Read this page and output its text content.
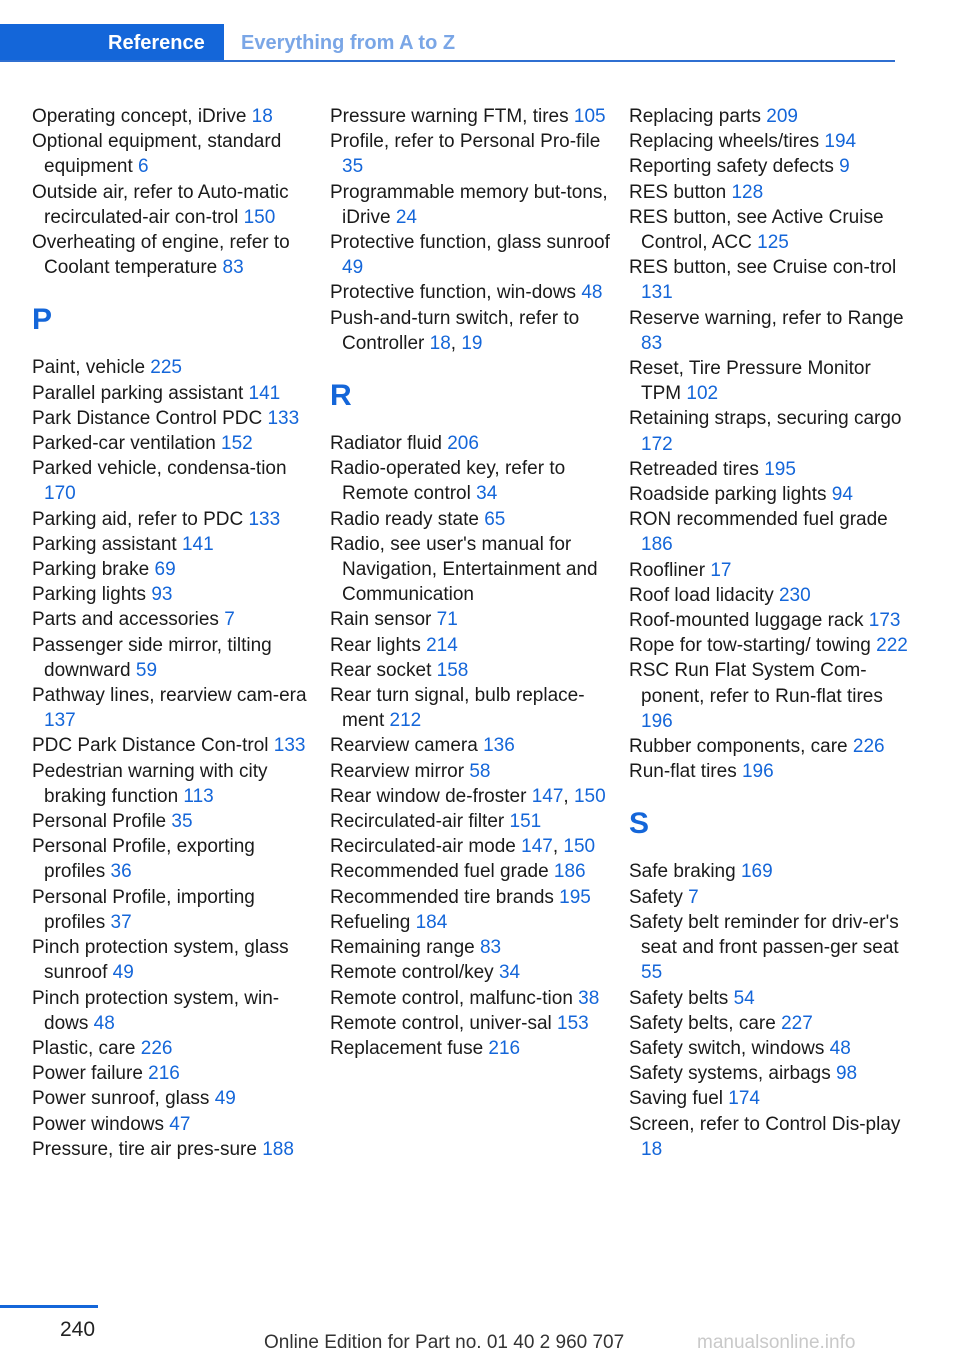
Reference	Everything from A to Z
Operating concept, iDrive 18
Optional equipment, standard equipment 6
Outside air, refer to Auto-matic recirculated-air con-trol 150
Overheating of engine, refer to Coolant temperature 83
P
Paint, vehicle 225
Parallel parking assistant 141
Park Distance Control PDC 133
Parked-car ventilation 152
Parked vehicle, condensa-tion 170
Parking aid, refer to PDC 133
Parking assistant 141
Parking brake 69
Parking lights 93
Parts and accessories 7
Passenger side mirror, tilting downward 59
Pathway lines, rearview cam-era 137
PDC Park Distance Con-trol 133
Pedestrian warning with city braking function 113
Personal Profile 35
Personal Profile, exporting profiles 36
Personal Profile, importing profiles 37
Pinch protection system, glass sunroof 49
Pinch protection system, win-dows 48
Plastic, care 226
Power failure 216
Power sunroof, glass 49
Power windows 47
Pressure, tire air pres-sure 188
Pressure warning FTM, tires 105
Profile, refer to Personal Pro-file 35
Programmable memory but-tons, iDrive 24
Protective function, glass sunroof 49
Protective function, win-dows 48
Push-and-turn switch, refer to Controller 18, 19
R
Radiator fluid 206
Radio-operated key, refer to Remote control 34
Radio ready state 65
Radio, see user's manual for Navigation, Entertainment and Communication
Rain sensor 71
Rear lights 214
Rear socket 158
Rear turn signal, bulb replace-ment 212
Rearview camera 136
Rearview mirror 58
Rear window de-froster 147, 150
Recirculated-air filter 151
Recirculated-air mode 147, 150
Recommended fuel grade 186
Recommended tire brands 195
Refueling 184
Remaining range 83
Remote control/key 34
Remote control, malfunc-tion 38
Remote control, univer-sal 153
Replacement fuse 216
Replacing parts 209
Replacing wheels/tires 194
Reporting safety defects 9
RES button 128
RES button, see Active Cruise Control, ACC 125
RES button, see Cruise con-trol 131
Reserve warning, refer to Range 83
Reset, Tire Pressure Monitor TPM 102
Retaining straps, securing cargo 172
Retreaded tires 195
Roadside parking lights 94
RON recommended fuel grade 186
Roofliner 17
Roof load lidacity 230
Roof-mounted luggage rack 173
Rope for tow-starting/ towing 222
RSC Run Flat System Com-ponent, refer to Run-flat tires 196
Rubber components, care 226
Run-flat tires 196
S
Safe braking 169
Safety 7
Safety belt reminder for driv-er's seat and front passen-ger seat 55
Safety belts 54
Safety belts, care 227
Safety switch, windows 48
Safety systems, airbags 98
Saving fuel 174
Screen, refer to Control Dis-play 18
240
Online Edition for Part no. 01 40 2 960 707	manualsonline.info
